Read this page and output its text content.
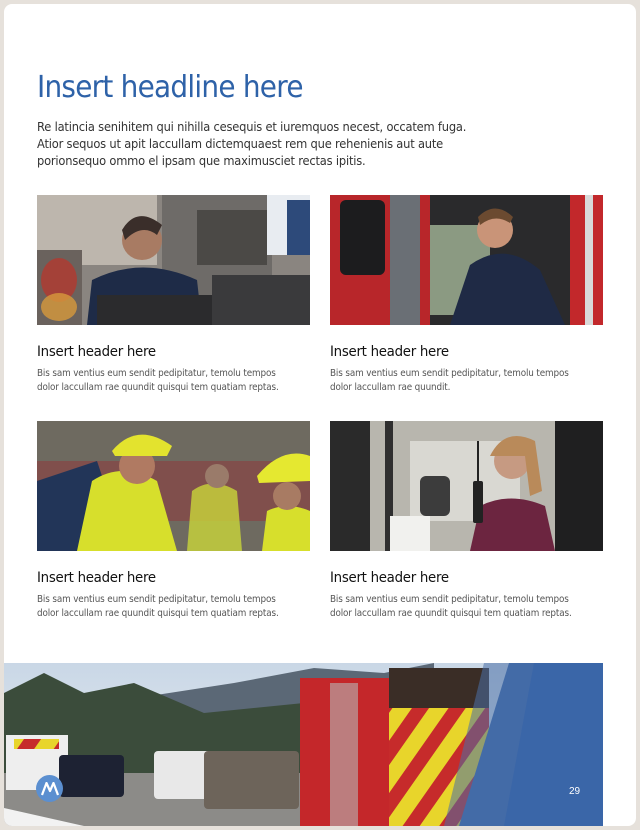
Insert headline here

Re latincia senihitem qui nihilla cesequis et iuremquos necest, occatem fuga. Atior sequos ut apit laccullam dictemquaest rem que rehenienis aut aute porionsequo ommo el ipsam que maximusciet rectas ipitis.

Insert header here

Bis sam ventius eum sendit pedipitatur, temolu tempos dolor laccullam rae quundit quisqui tem quatiam reptas.

Insert header here

Bis sam ventius eum sendit pedipitatur, temolu tempos dolor laccullam rae quundit.

Insert header here

Bis sam ventius eum sendit pedipitatur, temolu tempos dolor laccullam rae quundit quisqui tem quatiam reptas.

Insert header here

Bis sam ventius eum sendit pedipitatur, temolu tempos dolor laccullam rae quundit quisqui tem quatiam reptas.

29
